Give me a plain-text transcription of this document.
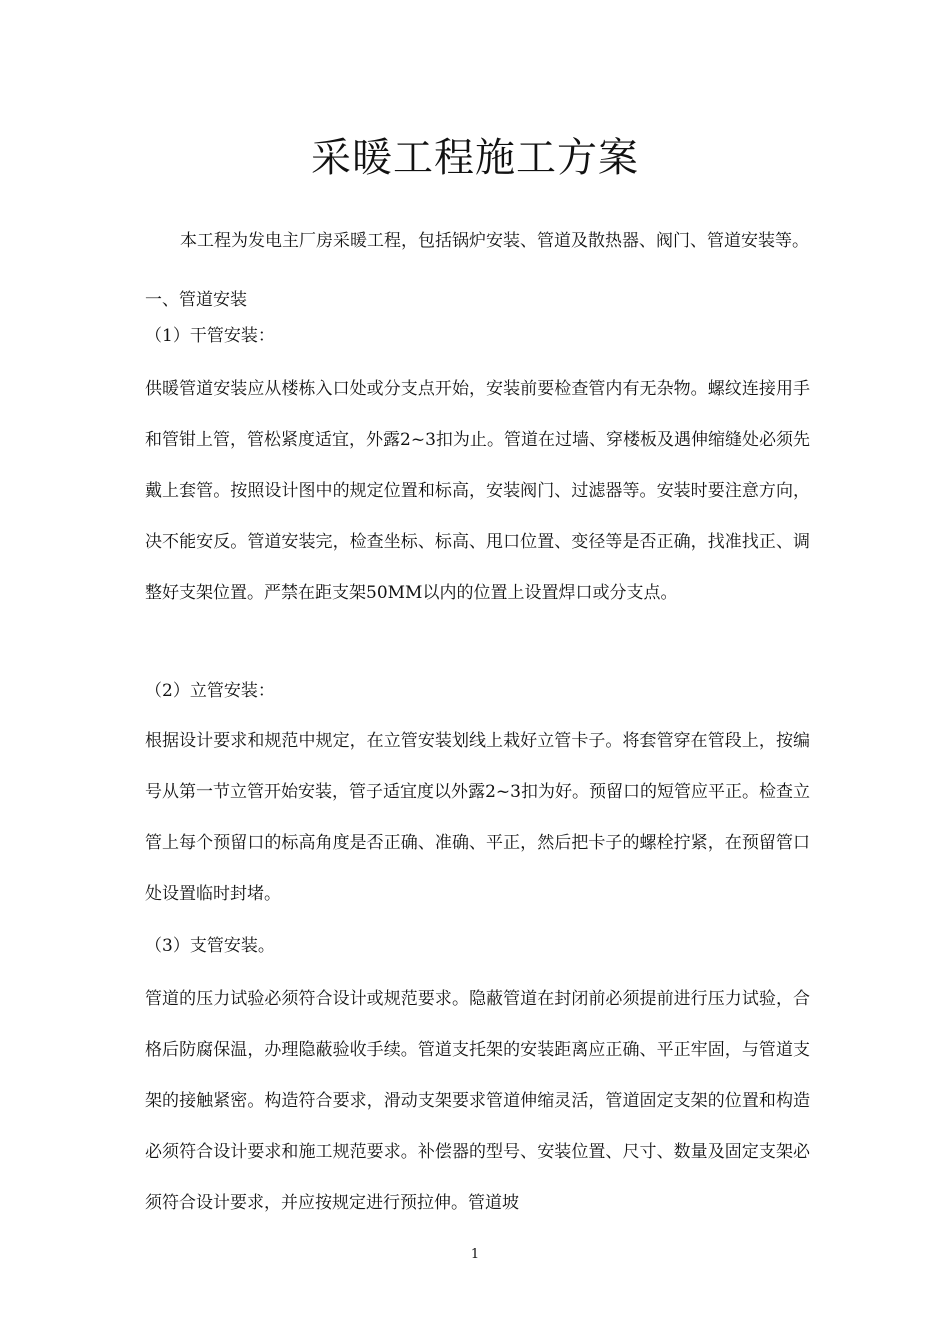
采暖工程施工方案

本工程为发电主厂房采暖工程，包括锅炉安装、管道及散热器、阀门、管道安装等。

一、管道安装

（1）干管安装：

供暖管道安装应从楼栋入口处或分支点开始，安装前要检查管内有无杂物。螺纹连接用手和管钳上管，管松紧度适宜，外露2~3扣为止。管道在过墙、穿楼板及遇伸缩缝处必须先戴上套管。按照设计图中的规定位置和标高，安装阀门、过滤器等。安装时要注意方向，决不能安反。管道安装完，检查坐标、标高、甩口位置、变径等是否正确，找准找正、调整好支架位置。严禁在距支架50MM以内的位置上设置焊口或分支点。

（2）立管安装：

根据设计要求和规范中规定，在立管安装划线上栽好立管卡子。将套管穿在管段上，按编号从第一节立管开始安装，管子适宜度以外露2~3扣为好。预留口的短管应平正。检查立管上每个预留口的标高角度是否正确、准确、平正，然后把卡子的螺栓拧紧，在预留管口处设置临时封堵。

（3）支管安装。

管道的压力试验必须符合设计或规范要求。隐蔽管道在封闭前必须提前进行压力试验，合格后防腐保温，办理隐蔽验收手续。管道支托架的安装距离应正确、平正牢固，与管道支架的接触紧密。构造符合要求，滑动支架要求管道伸缩灵活，管道固定支架的位置和构造必须符合设计要求和施工规范要求。补偿器的型号、安装位置、尺寸、数量及固定支架必须符合设计要求，并应按规定进行预拉伸。管道坡

1
